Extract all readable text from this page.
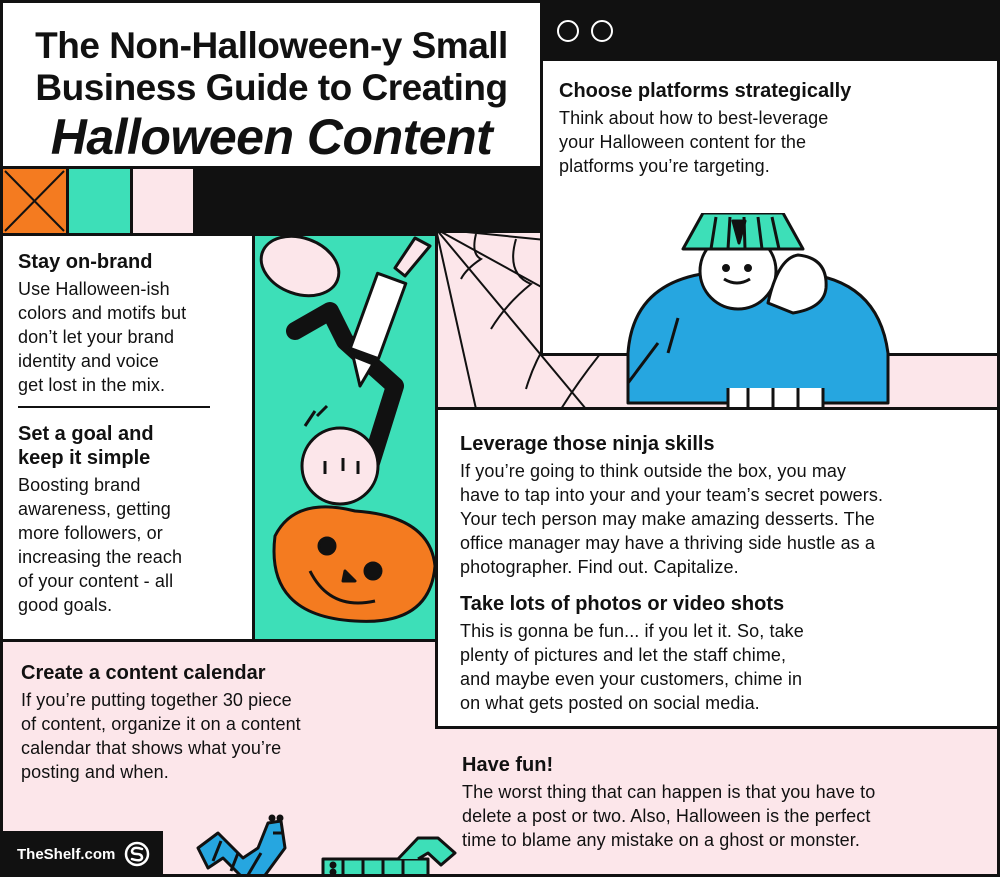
The Non-Halloween-y Small
Business Guide to Creating
Halloween Content
Choose platforms strategically

Think about how to best-leverage

your Halloween content for the

platforms you’re targeting.

Stay on-brand

Use Halloween-ish

colors and motifs but

don’t let your brand

identity and voice

get lost in the mix.

Set a goal and
keep it simple

Boosting brand

awareness, getting

more followers, or

increasing the reach

of your content - all

good goals.

Leverage those ninja skills

If you’re going to think outside the box, you may

have to tap into your and your team’s secret powers.

Your tech person may make amazing desserts. The

office manager may have a thriving side hustle as a

photographer. Find out. Capitalize.

Take lots of photos or video shots

This is gonna be fun... if you let it. So, take

plenty of pictures and let the staff chime,

and maybe even your customers, chime in

on what gets posted on social media.

Create a content calendar

If you’re putting together 30 piece

of content, organize it on a content

calendar that shows what you’re

posting and when.	Have fun!

The worst thing that can happen is that you have to

delete a post or two. Also, Halloween is the perfect

time to blame any mistake on a ghost or monster.

TheShelf.com
